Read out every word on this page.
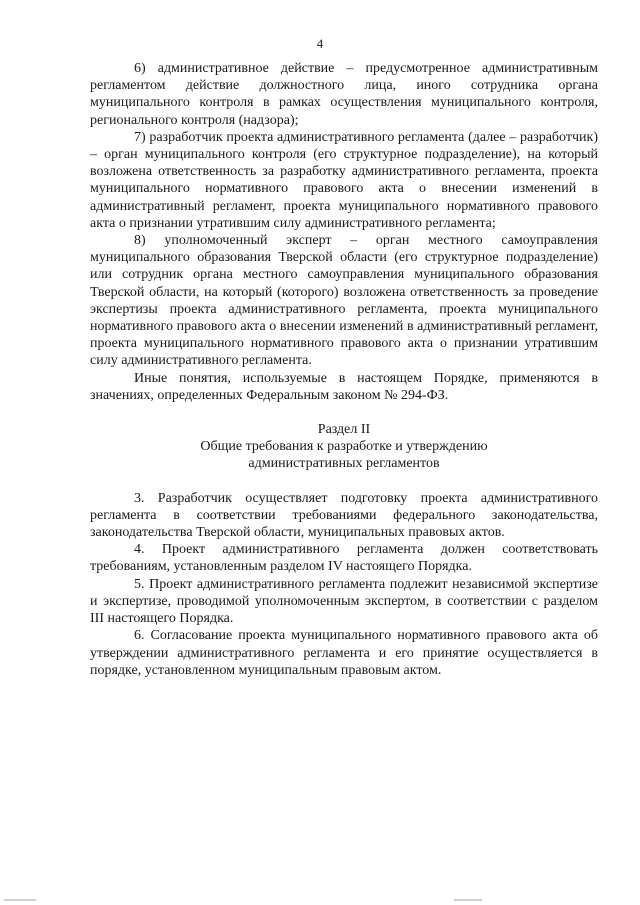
4

6) административное действие – предусмотренное административным регламентом действие должностного лица, иного сотрудника органа муниципального контроля в рамках осуществления муниципального контроля, регионального контроля (надзора);

7) разработчик проекта административного регламента (далее – разработчик) – орган муниципального контроля (его структурное подразделение), на который возложена ответственность за разработку административного регламента, проекта муниципального нормативного правового акта о внесении изменений в административный регламент, проекта муниципального нормативного правового акта о признании утратившим силу административного регламента;

8) уполномоченный эксперт – орган местного самоуправления муниципального образования Тверской области (его структурное подразделение) или сотрудник органа местного самоуправления муниципального образования Тверской области, на который (которого) возложена ответственность за проведение экспертизы проекта административного регламента, проекта муниципального нормативного правового акта о внесении изменений в административный регламент, проекта муниципального нормативного правового акта о признании утратившим силу административного регламента.

Иные понятия, используемые в настоящем Порядке, применяются в значениях, определенных Федеральным законом № 294-ФЗ.

Раздел II
Общие требования к разработке и утверждению
административных регламентов

3. Разработчик осуществляет подготовку проекта административного регламента в соответствии требованиями федерального законодательства, законодательства Тверской области, муниципальных правовых актов.

4. Проект административного регламента должен соответствовать требованиям, установленным разделом IV настоящего Порядка.

5. Проект административного регламента подлежит независимой экспертизе и экспертизе, проводимой уполномоченным экспертом, в соответствии с разделом III настоящего Порядка.

6. Согласование проекта муниципального нормативного правового акта об утверждении административного регламента и его принятие осуществляется в порядке, установленном муниципальным правовым актом.
